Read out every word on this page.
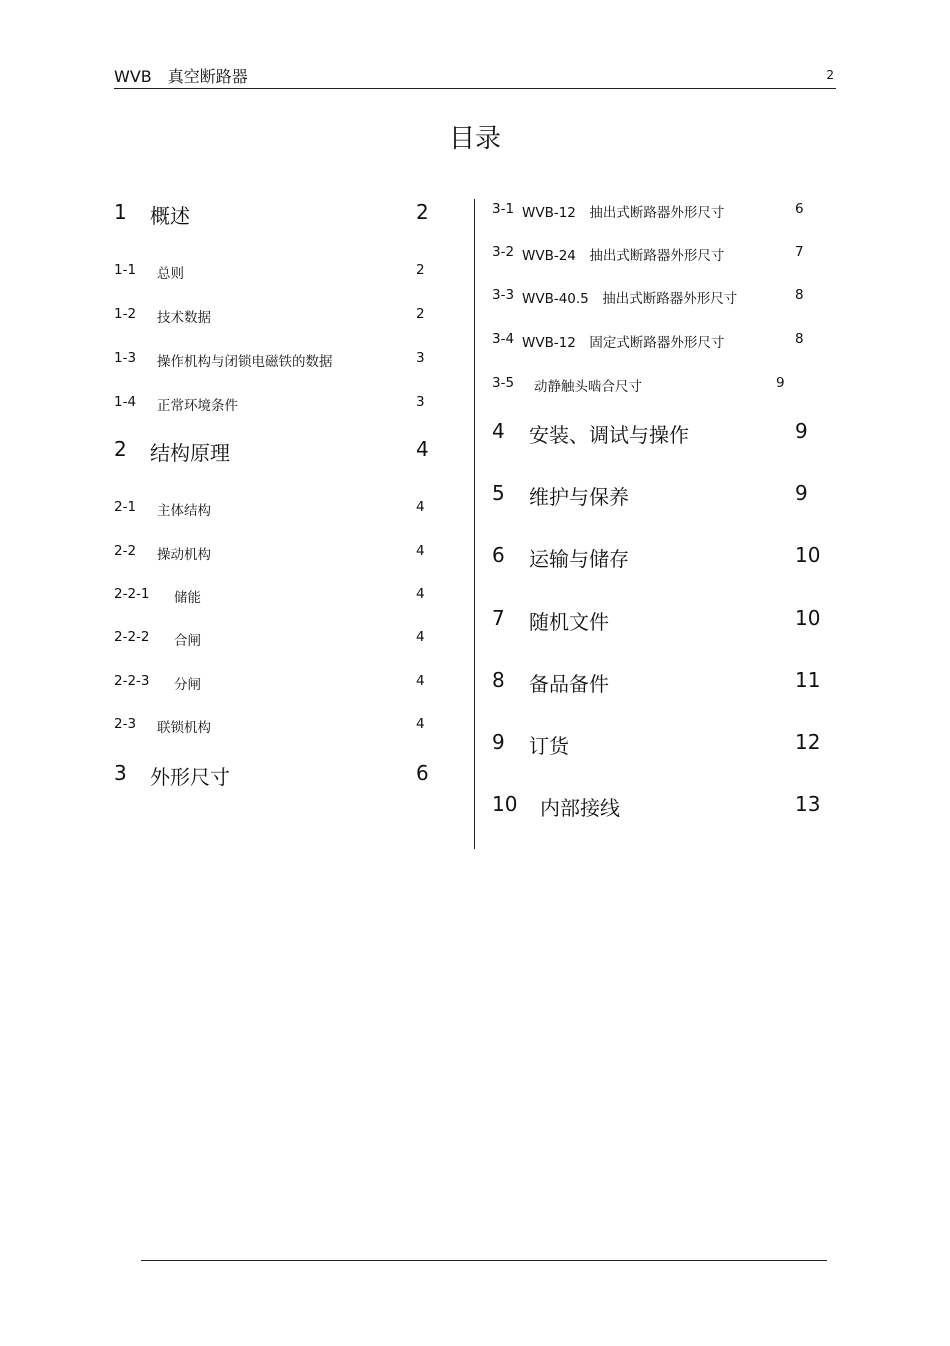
WVB　真空断路器	2
目录
1 概述	2
1-1 总则	2
1-2 技术数据	2
1-3 操作机构与闭锁电磁铁的数据	3
1-4 正常环境条件	3
2 结构原理	4
2-1 主体结构	4
2-2 操动机构	4
2-2-1 储能	4
2-2-2 合闸	4
2-2-3 分闸	4
2-3 联锁机构	4
3 外形尺寸	6
3-1 WVB-12　抽出式断路器外形尺寸	6
3-2 WVB-24　抽出式断路器外形尺寸	7
3-3 WVB-40.5　抽出式断路器外形尺寸	8
3-4 WVB-12　固定式断路器外形尺寸	8
3-5 动静触头啮合尺寸	9
4 安装、调试与操作	9
5 维护与保养	9
6 运输与储存	10
7 随机文件	10
8 备品备件	11
9 订货	12
10 内部接线	13
